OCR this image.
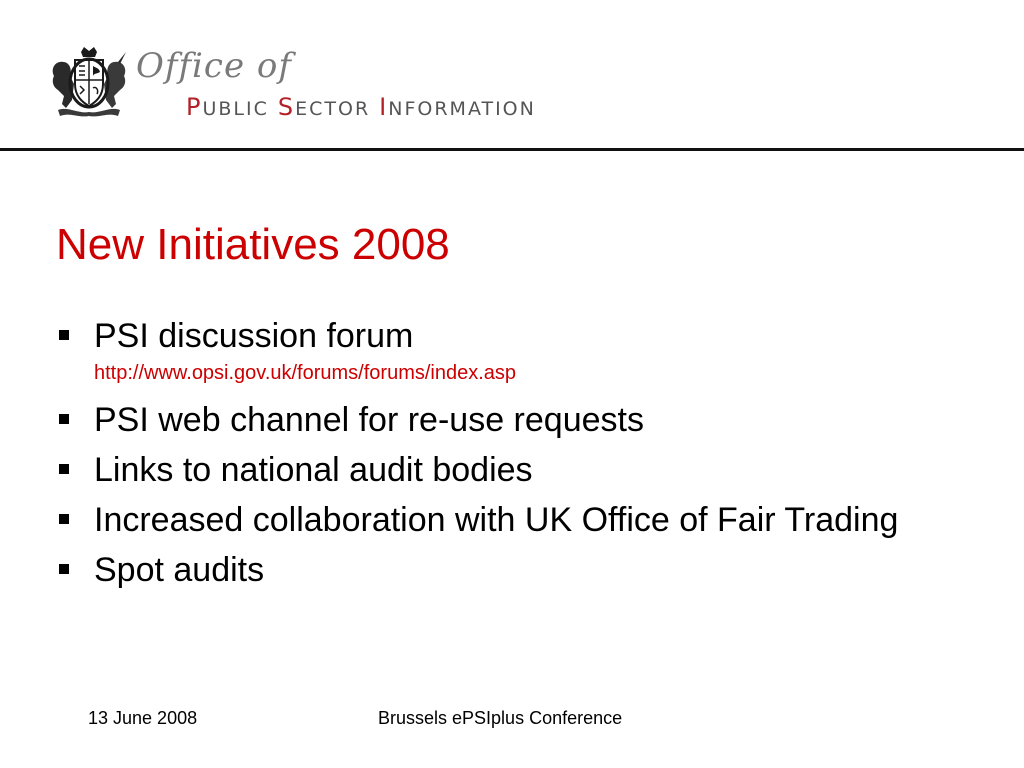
Office of
PUBLIC SECTOR INFORMATION
New Initiatives 2008
PSI discussion forum
http://www.opsi.gov.uk/forums/forums/index.asp
PSI web channel for re-use requests
Links to national audit bodies
Increased collaboration with UK Office of Fair Trading
Spot audits
13 June 2008	Brussels ePSIplus Conference
